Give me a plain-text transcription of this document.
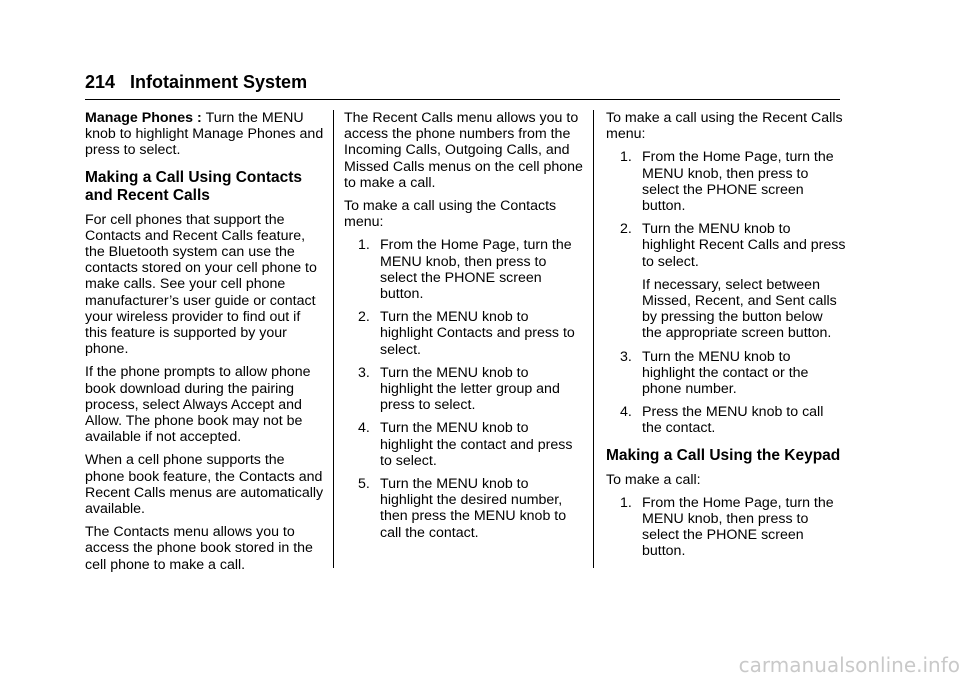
214 Infotainment System

Manage Phones : Turn the MENU knob to highlight Manage Phones and press to select.

Making a Call Using Contacts and Recent Calls

For cell phones that support the Contacts and Recent Calls feature, the Bluetooth system can use the contacts stored on your cell phone to make calls. See your cell phone manufacturer’s user guide or contact your wireless provider to find out if this feature is supported by your phone.

If the phone prompts to allow phone book download during the pairing process, select Always Accept and Allow. The phone book may not be available if not accepted.

When a cell phone supports the phone book feature, the Contacts and Recent Calls menus are automatically available.

The Contacts menu allows you to access the phone book stored in the cell phone to make a call.

The Recent Calls menu allows you to access the phone numbers from the Incoming Calls, Outgoing Calls, and Missed Calls menus on the cell phone to make a call.

To make a call using the Contacts menu:

1. From the Home Page, turn the MENU knob, then press to select the PHONE screen button.
2. Turn the MENU knob to highlight Contacts and press to select.
3. Turn the MENU knob to highlight the letter group and press to select.
4. Turn the MENU knob to highlight the contact and press to select.
5. Turn the MENU knob to highlight the desired number, then press the MENU knob to call the contact.

To make a call using the Recent Calls menu:

1. From the Home Page, turn the MENU knob, then press to select the PHONE screen button.
2. Turn the MENU knob to highlight Recent Calls and press to select.
If necessary, select between Missed, Recent, and Sent calls by pressing the button below the appropriate screen button.
3. Turn the MENU knob to highlight the contact or the phone number.
4. Press the MENU knob to call the contact.
Making a Call Using the Keypad

To make a call:

1. From the Home Page, turn the MENU knob, then press to select the PHONE screen button.
carmanualsonline.info
